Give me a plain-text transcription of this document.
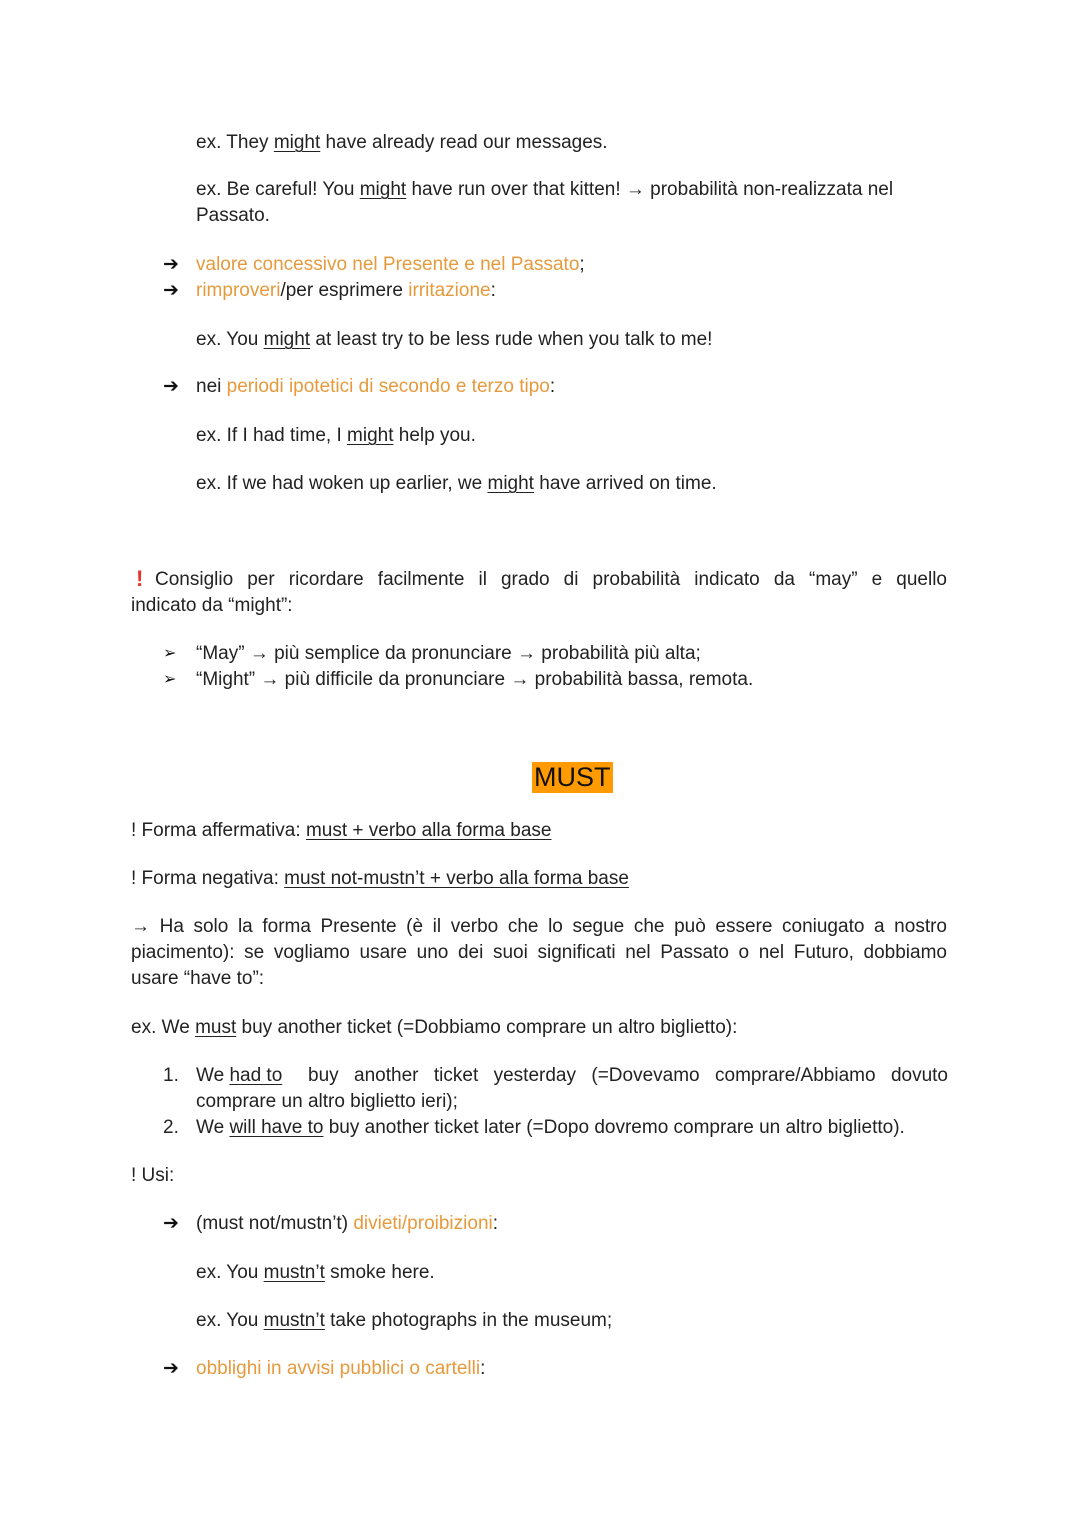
ex. They might have already read our messages.
ex. Be careful! You might have run over that kitten! → probabilità non-realizzata nel
Passato.
➔ valore concessivo nel Presente e nel Passato;
➔ rimproveri/per esprimere irritazione:
ex. You might at least try to be less rude when you talk to me!
➔ nei periodi ipotetici di secondo e terzo tipo:
ex. If I had time, I might help you.
ex. If we had woken up earlier, we might have arrived on time.
! Consiglio per ricordare facilmente il grado di probabilità indicato da “may” e quello
indicato da “might”:
➢ “May” → più semplice da pronunciare → probabilità più alta;
➢ “Might” → più difficile da pronunciare → probabilità bassa, remota.
MUST
! Forma affermativa: must + verbo alla forma base
! Forma negativa: must not-mustn’t + verbo alla forma base
→ Ha solo la forma Presente (è il verbo che lo segue che può essere coniugato a nostro
piacimento): se vogliamo usare uno dei suoi significati nel Passato o nel Futuro, dobbiamo
usare “have to”:
ex. We must buy another ticket (=Dobbiamo comprare un altro biglietto):
1. We had to buy another ticket yesterday (=Dovevamo comprare/Abbiamo dovuto
comprare un altro biglietto ieri);
2. We will have to buy another ticket later (=Dopo dovremo comprare un altro biglietto).
! Usi:
➔ (must not/mustn’t) divieti/proibizioni:
ex. You mustn’t smoke here.
ex. You mustn’t take photographs in the museum;
➔ obblighi in avvisi pubblici o cartelli:
